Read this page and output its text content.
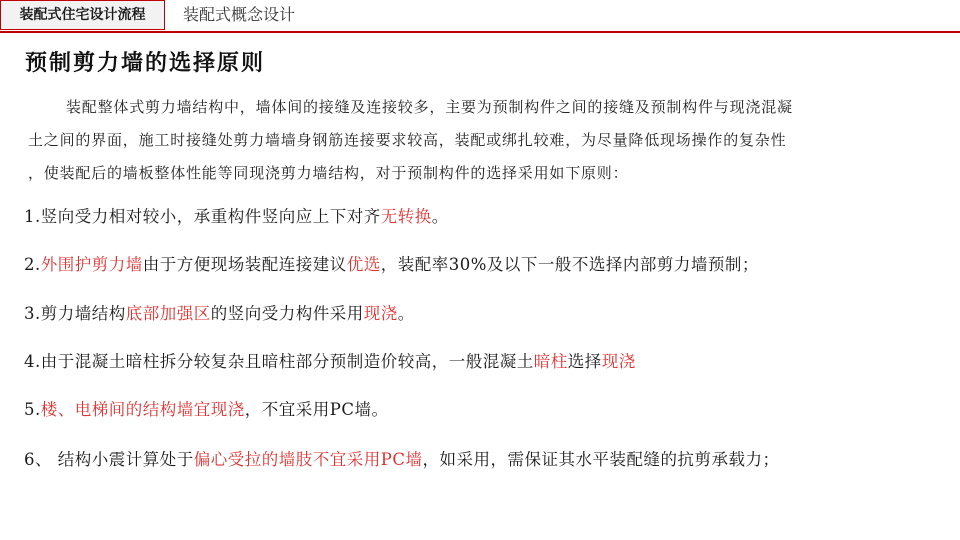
装配式住宅设计流程	装配式概念设计
预制剪力墙的选择原则
装配整体式剪力墙结构中，墙体间的接缝及连接较多，主要为预制构件之间的接缝及预制构件与现浇混凝
土之间的界面，施工时接缝处剪力墙墙身钢筋连接要求较高，装配或绑扎较难，为尽量降低现场操作的复杂性
，使装配后的墙板整体性能等同现浇剪力墙结构，对于预制构件的选择采用如下原则：
1.竖向受力相对较小，承重构件竖向应上下对齐无转换。
2.外围护剪力墙由于方便现场装配连接建议优选，装配率30%及以下一般不选择内部剪力墙预制；
3.剪力墙结构底部加强区的竖向受力构件采用现浇。
4.由于混凝土暗柱拆分较复杂且暗柱部分预制造价较高，一般混凝土暗柱选择现浇
5.楼、电梯间的结构墙宜现浇，不宜采用PC墙。
6、 结构小震计算处于偏心受拉的墙肢不宜采用PC墙，如采用，需保证其水平装配缝的抗剪承载力；
